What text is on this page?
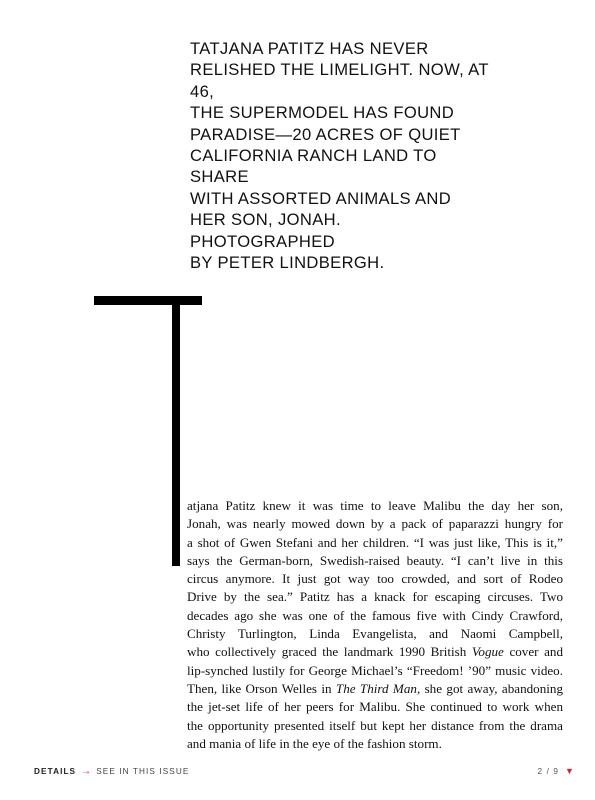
TATJANA PATITZ HAS NEVER
RELISHED THE LIMELIGHT. NOW, AT 46,
THE SUPERMODEL HAS FOUND
PARADISE—20 ACRES OF QUIET
CALIFORNIA RANCH LAND TO SHARE
WITH ASSORTED ANIMALS AND
HER SON, JONAH. PHOTOGRAPHED
BY PETER LINDBERGH.
atjana Patitz knew it was time to leave Malibu the day her son,
Jonah, was nearly mowed down by a pack of paparazzi hungry for
a shot of Gwen Stefani and her children. “I was just like, This is it,”
says the German-born, Swedish-raised beauty. “I can’t live in this
circus anymore. It just got way too crowded, and sort of Rodeo
Drive by the sea.” Patitz has a knack for escaping circuses. Two
decades ago she was one of the famous five with Cindy Crawford,
Christy Turlington, Linda Evangelista, and Naomi Campbell,
who collectively graced the landmark 1990 British Vogue cover and
lip-synched lustily for George Michael’s “Freedom! ’90” music video.
Then, like Orson Welles in The Third Man, she got away, abandoning
the jet-set life of her peers for Malibu. She continued to work when
the opportunity presented itself but kept her distance from the drama
and mania of life in the eye of the fashion storm.
DETAILS → SEE IN THIS ISSUE	2 / 9 ▼
